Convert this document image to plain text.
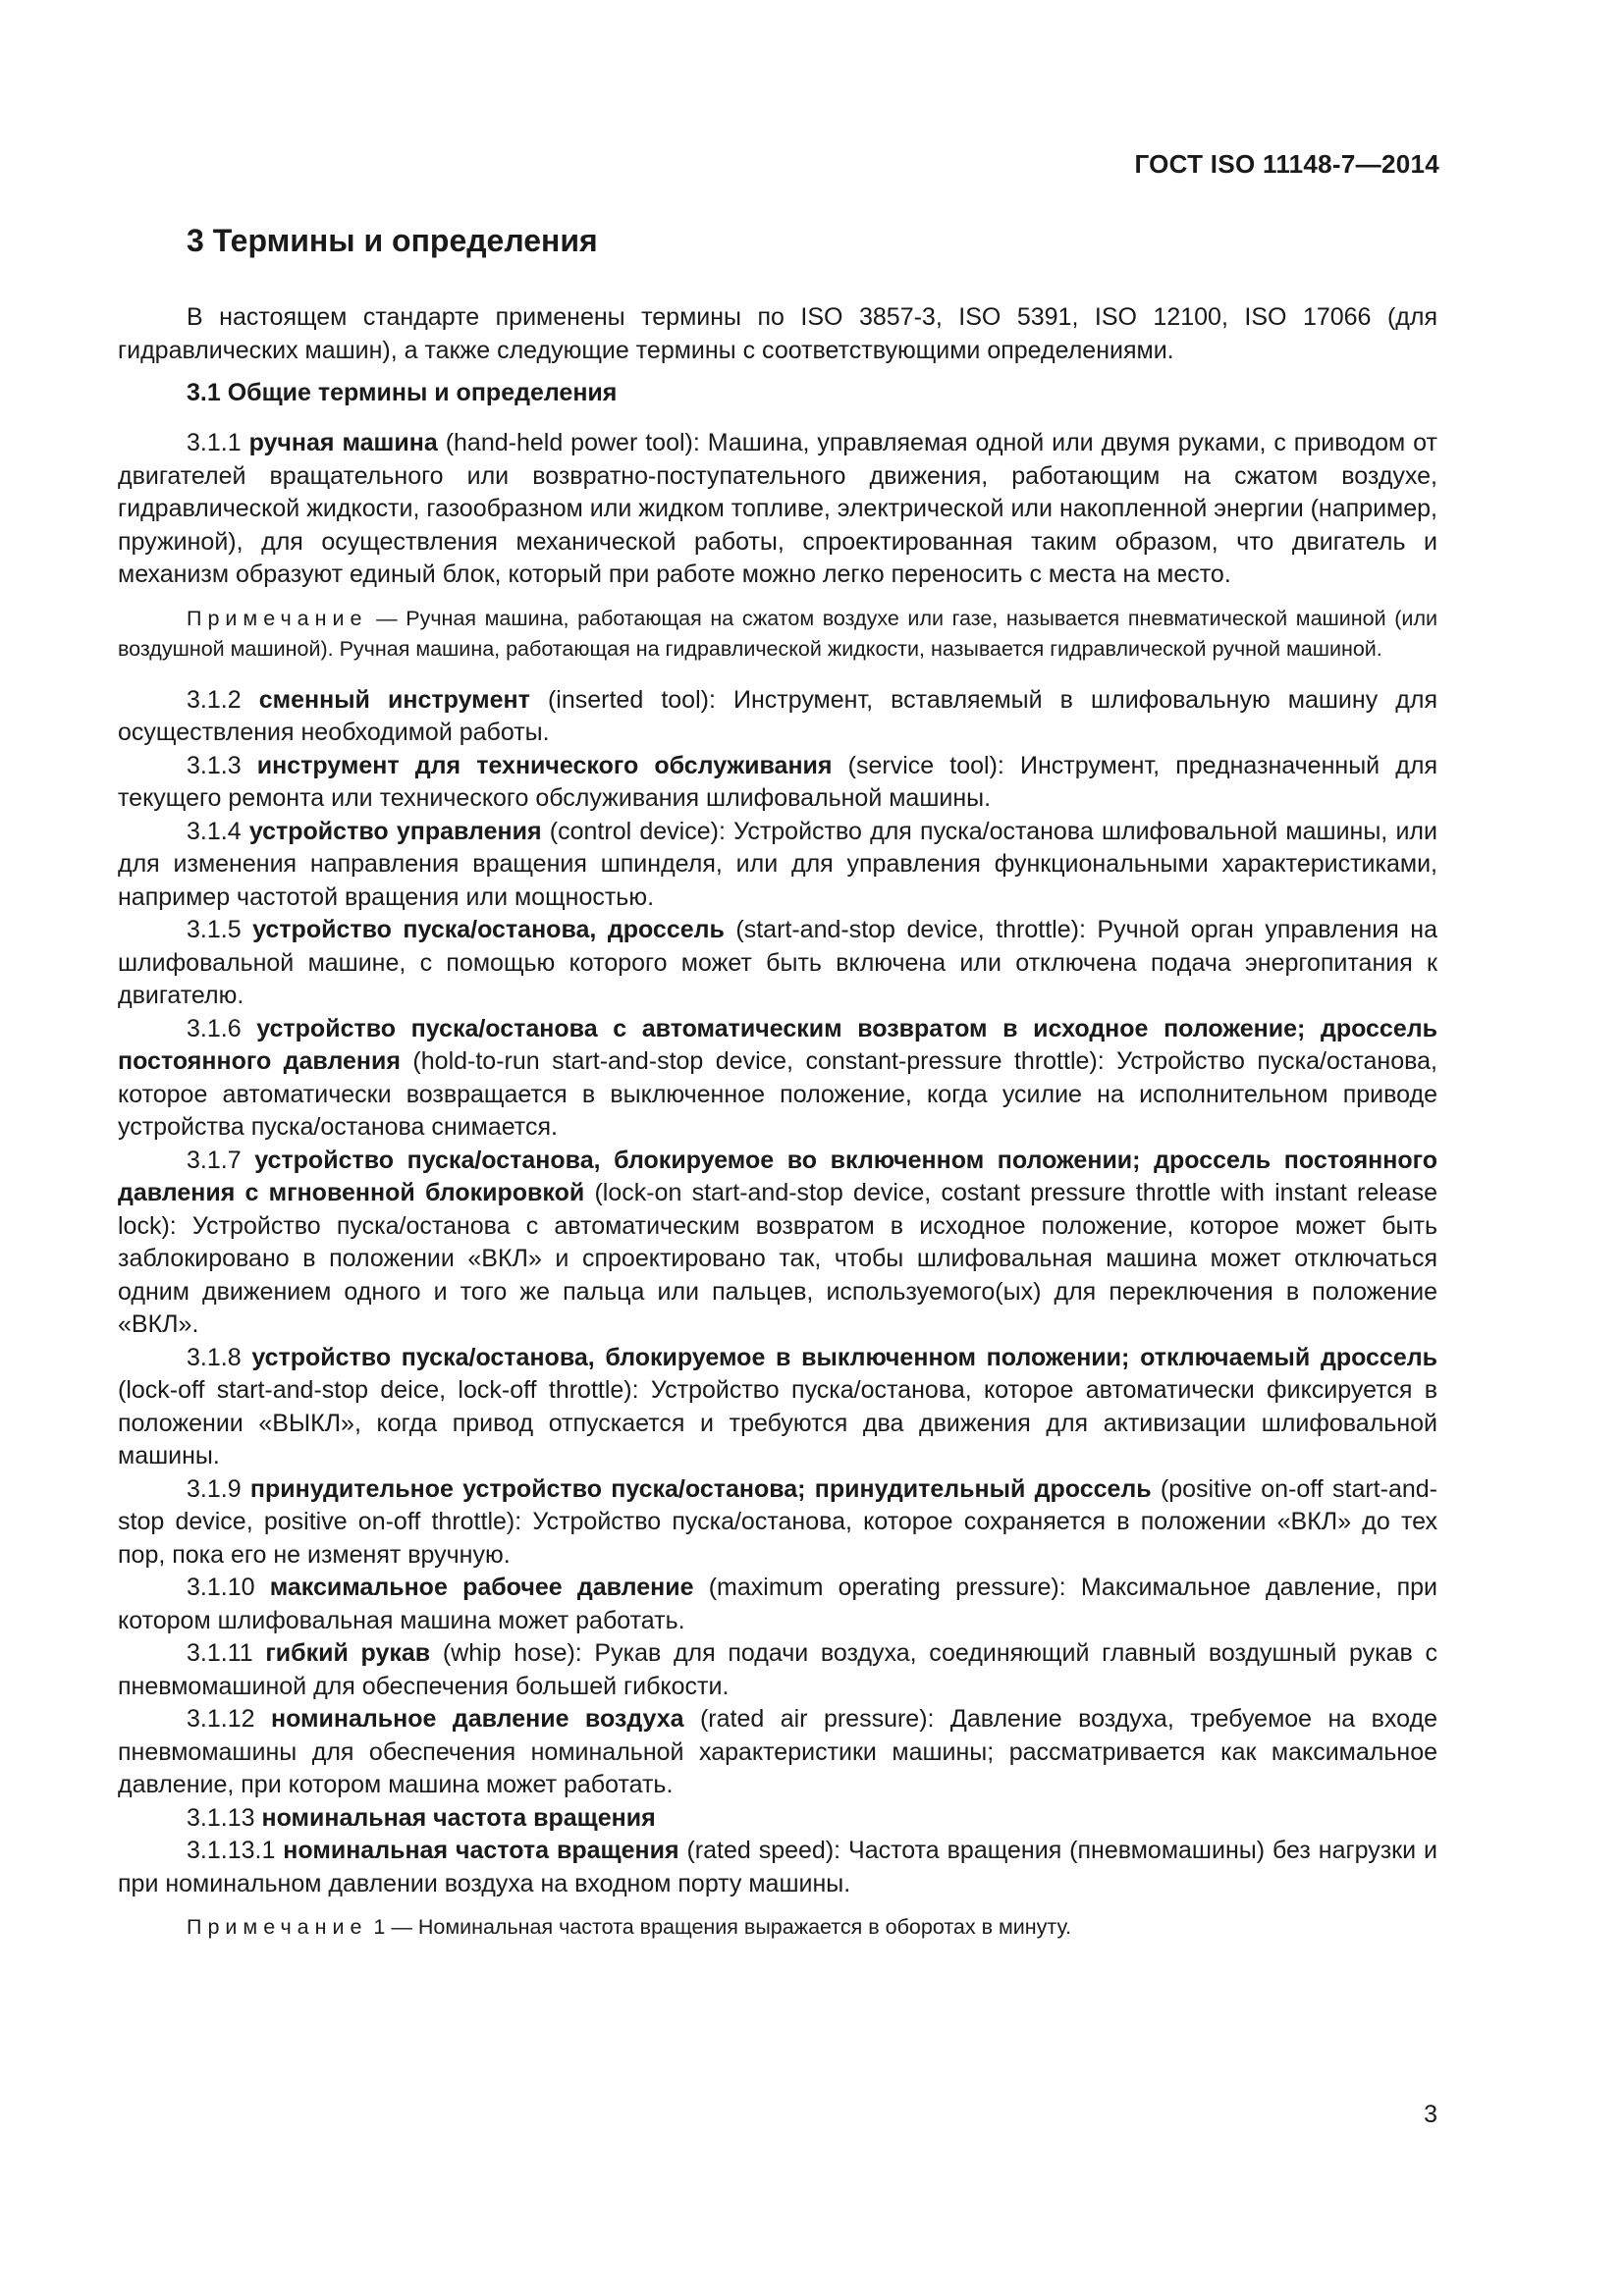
ГОСТ ISO 11148-7—2014
3 Термины и определения

В настоящем стандарте применены термины по ISO 3857-3, ISO 5391, ISO 12100, ISO 17066 (для гидравлических машин), а также следующие термины с соответствующими определениями.

3.1 Общие термины и определения

3.1.1 ручная машина (hand-held power tool): Машина, управляемая одной или двумя руками, с приводом от двигателей вращательного или возвратно-поступательного движения, работающим на сжатом воздухе, гидравлической жидкости, газообразном или жидком топливе, электрической или накопленной энергии (например, пружиной), для осуществления механической работы, спроектированная таким образом, что двигатель и механизм образуют единый блок, который при работе можно легко переносить с места на место.

Примечание — Ручная машина, работающая на сжатом воздухе или газе, называется пневматической машиной (или воздушной машиной). Ручная машина, работающая на гидравлической жидкости, называется гидравлической ручной машиной.

3.1.2 сменный инструмент (inserted tool): Инструмент, вставляемый в шлифовальную машину для осуществления необходимой работы.

3.1.3 инструмент для технического обслуживания (service tool): Инструмент, предназначенный для текущего ремонта или технического обслуживания шлифовальной машины.

3.1.4 устройство управления (control device): Устройство для пуска/останова шлифовальной машины, или для изменения направления вращения шпинделя, или для управления функциональными характеристиками, например частотой вращения или мощностью.

3.1.5 устройство пуска/останова, дроссель (start-and-stop device, throttle): Ручной орган управления на шлифовальной машине, с помощью которого может быть включена или отключена подача энергопитания к двигателю.

3.1.6 устройство пуска/останова с автоматическим возвратом в исходное положение; дроссель постоянного давления (hold-to-run start-and-stop device, constant-pressure throttle): Устройство пуска/останова, которое автоматически возвращается в выключенное положение, когда усилие на исполнительном приводе устройства пуска/останова снимается.

3.1.7 устройство пуска/останова, блокируемое во включенном положении; дроссель постоянного давления с мгновенной блокировкой (lock-on start-and-stop device, costant pressure throttle with instant release lock): Устройство пуска/останова с автоматическим возвратом в исходное положение, которое может быть заблокировано в положении «ВКЛ» и спроектировано так, чтобы шлифовальная машина может отключаться одним движением одного и того же пальца или пальцев, используемого(ых) для переключения в положение «ВКЛ».

3.1.8 устройство пуска/останова, блокируемое в выключенном положении; отключаемый дроссель (lock-off start-and-stop deice, lock-off throttle): Устройство пуска/останова, которое автоматически фиксируется в положении «ВЫКЛ», когда привод отпускается и требуются два движения для активизации шлифовальной машины.

3.1.9 принудительное устройство пуска/останова; принудительный дроссель (positive on-off start-and-stop device, positive on-off throttle): Устройство пуска/останова, которое сохраняется в положении «ВКЛ» до тех пор, пока его не изменят вручную.

3.1.10 максимальное рабочее давление (maximum operating pressure): Максимальное давление, при котором шлифовальная машина может работать.

3.1.11 гибкий рукав (whip hose): Рукав для подачи воздуха, соединяющий главный воздушный рукав с пневмомашиной для обеспечения большей гибкости.

3.1.12 номинальное давление воздуха (rated air pressure): Давление воздуха, требуемое на входе пневмомашины для обеспечения номинальной характеристики машины; рассматривается как максимальное давление, при котором машина может работать.

3.1.13 номинальная частота вращения

3.1.13.1 номинальная частота вращения (rated speed): Частота вращения (пневмомашины) без нагрузки и при номинальном давлении воздуха на входном порту машины.

Примечание 1 — Номинальная частота вращения выражается в оборотах в минуту.

3
